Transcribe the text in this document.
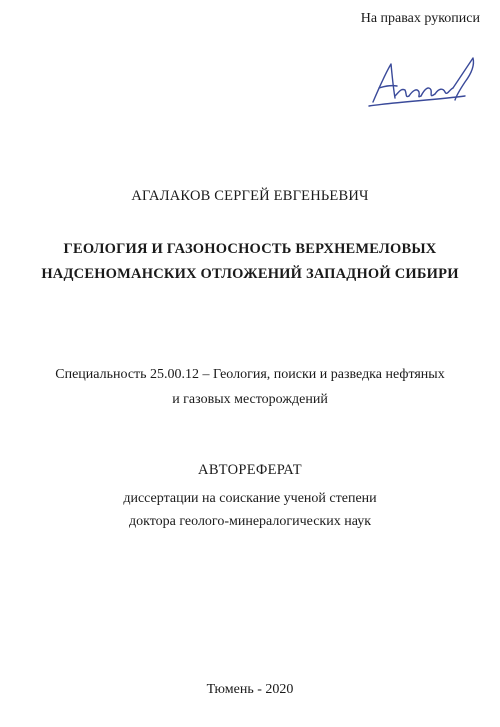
На правах рукописи
АГАЛАКОВ СЕРГЕЙ ЕВГЕНЬЕВИЧ
ГЕОЛОГИЯ И ГАЗОНОСНОСТЬ ВЕРХНЕМЕЛОВЫХ
НАДСЕНОМАНСКИХ ОТЛОЖЕНИЙ ЗАПАДНОЙ СИБИРИ
Специальность 25.00.12 – Геология, поиски и разведка нефтяных
и газовых месторождений
АВТОРЕФЕРАТ
диссертации на соискание ученой степени
доктора геолого-минералогических наук
Тюмень - 2020
